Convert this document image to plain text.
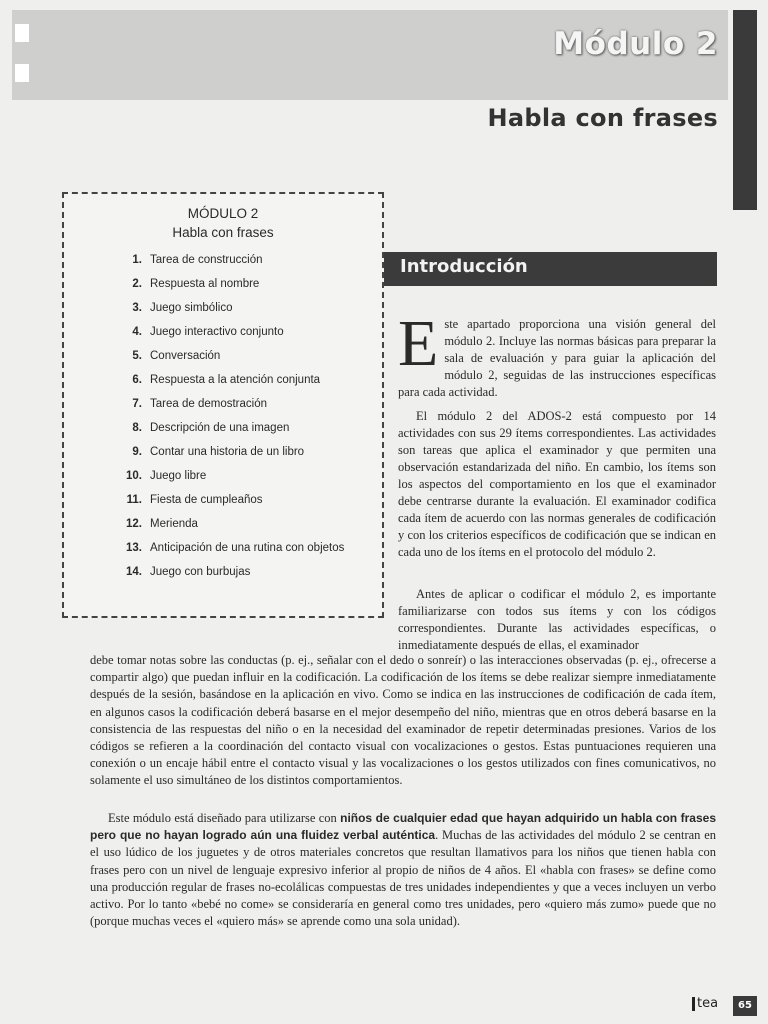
Módulo 2
Habla con frases
MÓDULO 2
Habla con frases
1. Tarea de construcción
2. Respuesta al nombre
3. Juego simbólico
4. Juego interactivo conjunto
5. Conversación
6. Respuesta a la atención conjunta
7. Tarea de demostración
8. Descripción de una imagen
9. Contar una historia de un libro
10. Juego libre
11. Fiesta de cumpleaños
12. Merienda
13. Anticipación de una rutina con objetos
14. Juego con burbujas
Introducción
Este apartado proporciona una visión general del módulo 2. Incluye las normas básicas para preparar la sala de evaluación y para guiar la aplicación del módulo 2, seguidas de las instrucciones específicas para cada actividad.
El módulo 2 del ADOS-2 está compuesto por 14 actividades con sus 29 ítems correspondientes. Las actividades son tareas que aplica el examinador y que permiten una observación estandarizada del niño. En cambio, los ítems son los aspectos del comportamiento en los que el examinador debe centrarse durante la evaluación. El examinador codifica cada ítem de acuerdo con las normas generales de codificación y con los criterios específicos de codificación que se indican en cada uno de los ítems en el protocolo del módulo 2.
Antes de aplicar o codificar el módulo 2, es importante familiarizarse con todos sus ítems y con los códigos correspondientes. Durante las actividades específicas, o inmediatamente después de ellas, el examinador
debe tomar notas sobre las conductas (p. ej., señalar con el dedo o sonreír) o las interacciones observadas (p. ej., ofrecerse a compartir algo) que puedan influir en la codificación. La codificación de los ítems se debe realizar siempre inmediatamente después de la sesión, basándose en la aplicación en vivo. Como se indica en las instrucciones de codificación de cada ítem, en algunos casos la codificación deberá basarse en el mejor desempeño del niño, mientras que en otros deberá basarse en la consistencia de las respuestas del niño o en la necesidad del examinador de repetir determinadas presiones. Varios de los códigos se refieren a la coordinación del contacto visual con vocalizaciones o gestos. Estas puntuaciones requieren una conexión o un encaje hábil entre el contacto visual y las vocalizaciones o los gestos utilizados con fines comunicativos, no solamente el uso simultáneo de los distintos comportamientos.
Este módulo está diseñado para utilizarse con niños de cualquier edad que hayan adquirido un habla con frases pero que no hayan logrado aún una fluidez verbal auténtica. Muchas de las actividades del módulo 2 se centran en el uso lúdico de los juguetes y de otros materiales concretos que resultan llamativos para los niños que tienen habla con frases pero con un nivel de lenguaje expresivo inferior al propio de niños de 4 años. El «habla con frases» se define como una producción regular de frases no-ecolálicas compuestas de tres unidades independientes y que a veces incluyen un verbo activo. Por lo tanto «bebé no come» se consideraría en general como tres unidades, pero «quiero más zumo» puede que no (porque muchas veces el «quiero más» se aprende como una sola unidad).
tea	65
